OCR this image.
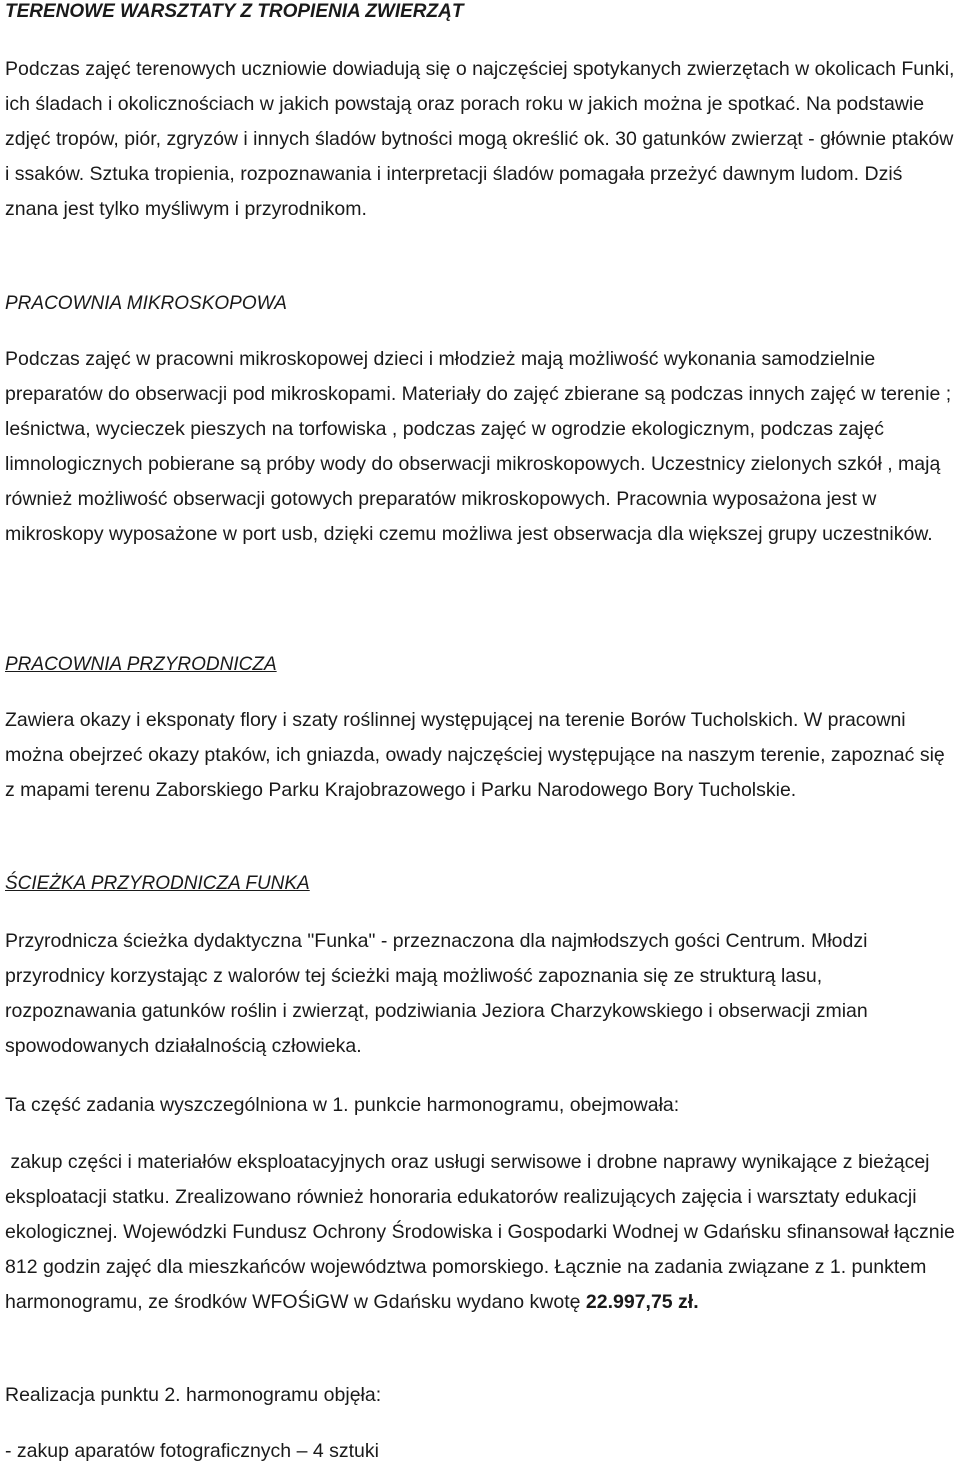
TERENOWE WARSZTATY Z TROPIENIA ZWIERZĄT

Podczas zajęć terenowych uczniowie dowiadują się o najczęściej spotykanych zwierzętach w okolicach Funki, ich śladach i okolicznościach w jakich powstają oraz porach roku w jakich można je spotkać. Na podstawie zdjęć tropów, piór, zgryzów i innych śladów bytności mogą określić ok. 30 gatunków zwierząt - głównie ptaków i ssaków. Sztuka tropienia, rozpoznawania i interpretacji śladów pomagała przeżyć dawnym ludom. Dziś znana jest tylko myśliwym i przyrodnikom.

PRACOWNIA MIKROSKOPOWA

Podczas zajęć w pracowni mikroskopowej dzieci i młodzież mają możliwość wykonania samodzielnie preparatów do obserwacji pod mikroskopami. Materiały do zajęć zbierane są podczas innych zajęć w terenie ; leśnictwa, wycieczek pieszych na torfowiska , podczas zajęć w ogrodzie ekologicznym, podczas zajęć limnologicznych pobierane są próby wody do obserwacji mikroskopowych. Uczestnicy zielonych szkół , mają również możliwość obserwacji gotowych preparatów mikroskopowych. Pracownia wyposażona jest w mikroskopy wyposażone w port usb, dzięki czemu możliwa jest obserwacja dla większej grupy uczestników.

PRACOWNIA PRZYRODNICZA

Zawiera okazy i eksponaty flory i szaty roślinnej występującej na terenie Borów Tucholskich. W pracowni można obejrzeć okazy ptaków, ich gniazda, owady najczęściej występujące na naszym terenie, zapoznać się z mapami terenu Zaborskiego Parku Krajobrazowego i Parku Narodowego Bory Tucholskie.

ŚCIEŻKA PRZYRODNICZA FUNKA

Przyrodnicza ścieżka dydaktyczna "Funka" - przeznaczona dla najmłodszych gości Centrum. Młodzi przyrodnicy korzystając z walorów tej ścieżki mają możliwość zapoznania się ze strukturą lasu, rozpoznawania gatunków roślin i zwierząt, podziwiania Jeziora Charzykowskiego i obserwacji zmian spowodowanych działalnością człowieka.

Ta część zadania wyszczególniona w 1. punkcie harmonogramu, obejmowała:

zakup części i materiałów eksploatacyjnych oraz usługi serwisowe i drobne naprawy wynikające z bieżącej eksploatacji statku. Zrealizowano również honoraria edukatorów realizujących zajęcia i warsztaty edukacji ekologicznej. Wojewódzki Fundusz Ochrony Środowiska i Gospodarki Wodnej w Gdańsku sfinansował łącznie 812 godzin zajęć dla mieszkańców województwa pomorskiego. Łącznie na zadania związane z 1. punktem harmonogramu, ze środków WFOŚiGW w Gdańsku wydano kwotę 22.997,75 zł.

Realizacja punktu 2. harmonogramu objęła:

- zakup aparatów fotograficznych – 4 sztuki
